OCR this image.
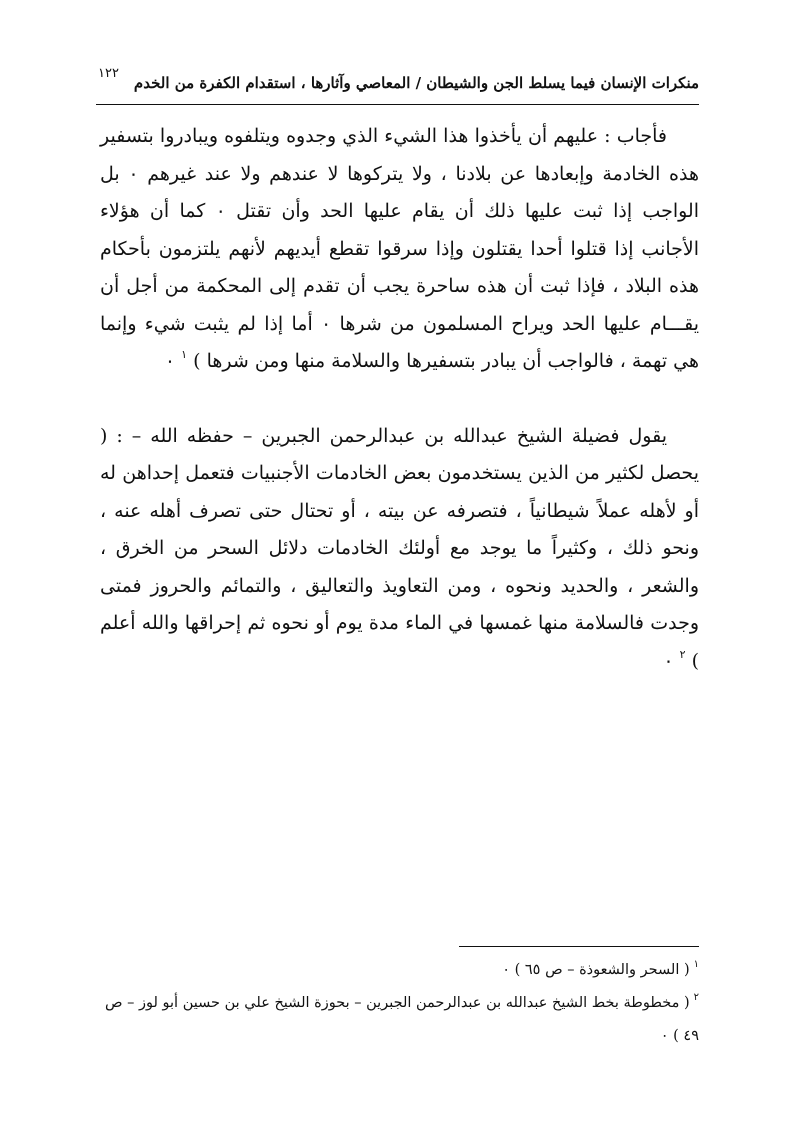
منكرات الإنسان فيما يسلط الجن والشيطان / المعاصي وآثارها ، استقدام الكفرة من الخدم
١٢٢

فأجاب : عليهم أن يأخذوا هذا الشيء الذي وجدوه ويتلفوه ويبادروا بتسفير هذه الخادمة وإبعادها عن بلادنا ، ولا يتركوها لا عندهم ولا عند غيرهم ٠ بل الواجب إذا ثبت عليها ذلك أن يقام عليها الحد وأن تقتل ٠ كما أن هؤلاء الأجانب إذا قتلوا أحدا يقتلون وإذا سرقوا تقطع أيديهم لأنهم يلتزمون بأحكام هذه البلاد ، فإذا ثبت أن هذه ساحرة يجب أن تقدم إلى المحكمة من أجل أن يقـــام عليها الحد ويراح المسلمون من شرها ٠ أما إذا لم يثبت شيء وإنما هي تهمة ، فالواجب أن يبادر بتسفيرها والسلامة منها ومن شرها ) $^١$ ٠

يقول فضيلة الشيخ عبدالله بن عبدالرحمن الجبرين – حفظه الله – : ( يحصل لكثير من الذين يستخدمون بعض الخادمات الأجنبيات فتعمل إحداهن له أو لأهله عملاً شيطانياً ، فتصرفه عن بيته ، أو تحتال حتى تصرف أهله عنه ، ونحو ذلك ، وكثيراً ما يوجد مع أولئك الخادمات دلائل السحر من الخرق ، والشعر ، والحديد ونحوه ، ومن التعاويذ والتعاليق ، والتمائم والحروز فمتى وجدت فالسلامة منها غمسها في الماء مدة يوم أو نحوه ثم إحراقها والله أعلم ) $^٢$ ٠

$^١$( السحر والشعوذة – ص ٦٥ ) ٠

$^٢$( مخطوطة بخط الشيخ عبدالله بن عبدالرحمن الجبرين – بحوزة الشيخ علي بن حسين أبو لوز – ص ٤٩ ) ٠
